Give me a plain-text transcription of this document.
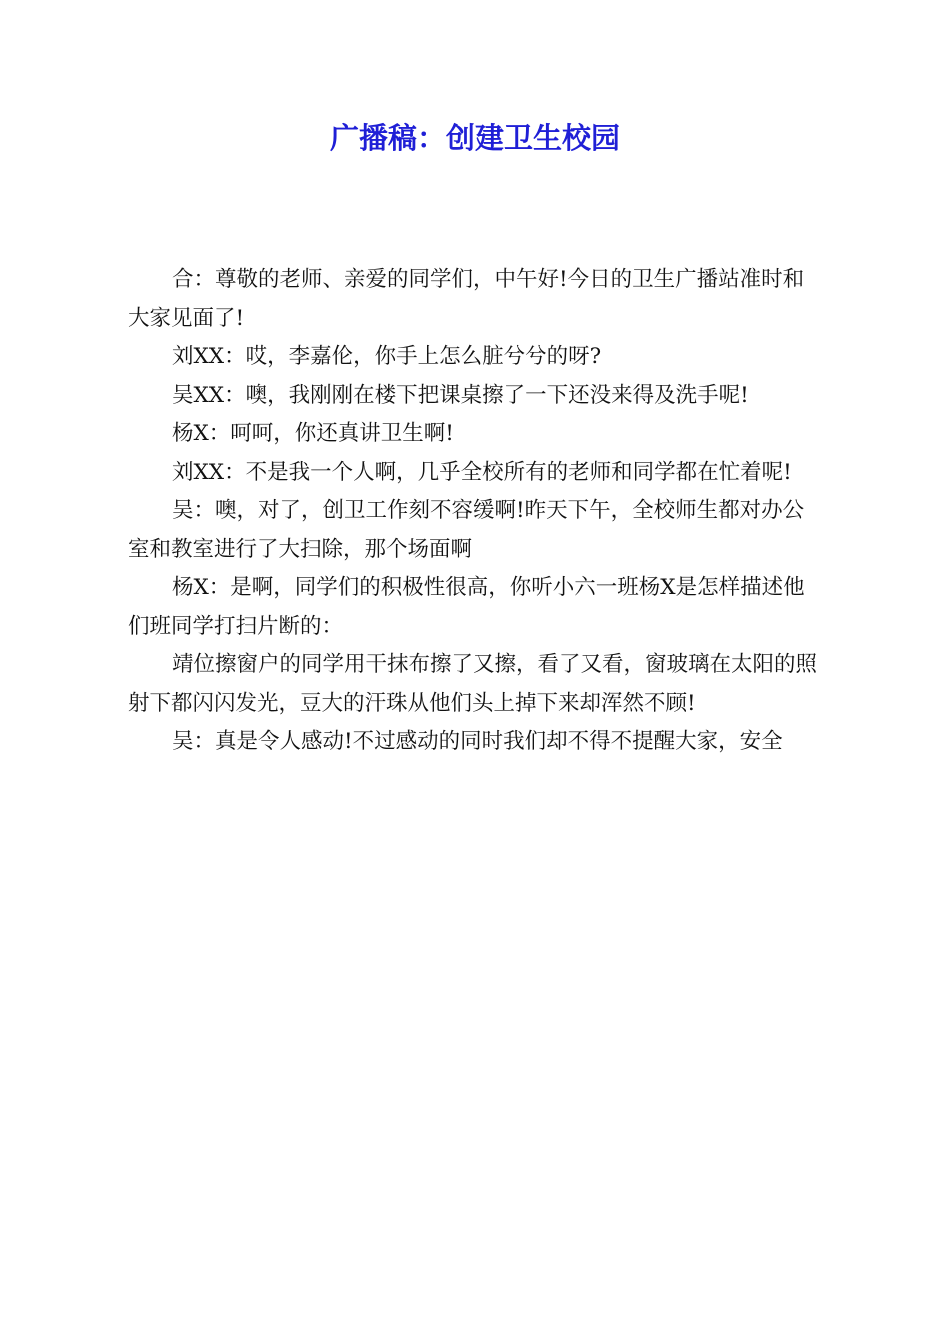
广播稿：创建卫生校园

合：尊敬的老师、亲爱的同学们，中午好!今日的卫生广播站准时和大家见面了!

刘XX：哎，李嘉伦，你手上怎么脏兮兮的呀?

吴XX：噢，我刚刚在楼下把课桌擦了一下还没来得及洗手呢!

杨X：呵呵，你还真讲卫生啊!

刘XX：不是我一个人啊，几乎全校所有的老师和同学都在忙着呢!

吴：噢，对了，创卫工作刻不容缓啊!昨天下午，全校师生都对办公室和教室进行了大扫除，那个场面啊

杨X：是啊，同学们的积极性很高，你听小六一班杨X是怎样描述他们班同学打扫片断的：

靖位擦窗户的同学用干抹布擦了又擦，看了又看，窗玻璃在太阳的照射下都闪闪发光，豆大的汗珠从他们头上掉下来却浑然不顾!

吴：真是令人感动!不过感动的同时我们却不得不提醒大家，安全
